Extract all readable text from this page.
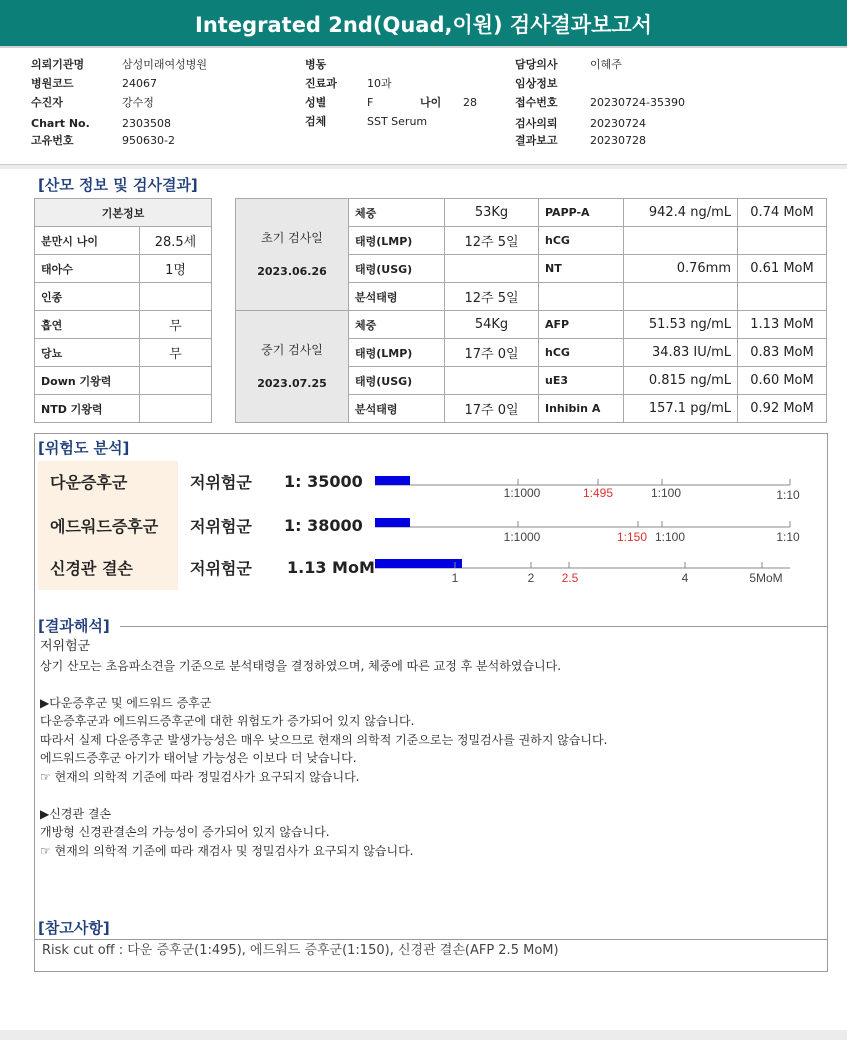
Integrated 2nd(Quad,이원) 검사결과보고서
의뢰기관명	삼성미래여성병원
병원코드	24067
수진자	강수정
Chart No.	2303508
고유번호	950630-2
병동
진료과	10과
성별	F	나이 28
검체	SST Serum
담당의사	이혜주
임상정보
접수번호	20230724-35390
검사의뢰	20230724
결과보고	20230728
[산모 정보 및 검사결과]
기본정보	
분만시 나이	28.5세
태아수	1명
인종	
흡연	무
당뇨	무
Down 기왕력	
NTD 기왕력	
초기 검사일
2023.06.26	체중	53Kg	PAPP-A	942.4 ng/mL	0.74 MoM
	태령(LMP)	12주 5일	hCG		
	태령(USG)		NT	0.76mm	0.61 MoM
	분석태령	12주 5일			

중기 검사일
2023.07.25	체중	54Kg	AFP	51.53 ng/mL	1.13 MoM
	태령(LMP)	17주 0일	hCG	34.83 IU/mL	0.83 MoM
	태령(USG)		uE3	0.815 ng/mL	0.60 MoM
	분석태령	17주 0일	Inhibin A	157.1 pg/mL	0.92 MoM
[위험도 분석]
다운증후군	저위험군 1: 35000
에드워드증후군 저위험군 1: 38000
신경관 결손	저위험군 1.13 MoM
1:1000	1:495	1:100	1:10
1:1000	1:150 1:100	1:10
1	2 2.5	4	5MoM
[결과해석]
저위험군
상기 산모는 초음파소견을 기준으로 분석태령을 결정하였으며, 체중에 따른 교정 후 분석하였습니다.
▶다운증후군 및 에드워드 증후군
다운증후군과 에드워드증후군에 대한 위험도가 증가되어 있지 않습니다.
따라서 실제 다운증후군 발생가능성은 매우 낮으므로 현재의 의학적 기준으로는 정밀검사를 권하지 않습니다.
에드워드증후군 아기가 태어날 가능성은 이보다 더 낮습니다.
☞ 현재의 의학적 기준에 따라 정밀검사가 요구되지 않습니다.
▶신경관 결손
개방형 신경관결손의 가능성이 증가되어 있지 않습니다.
☞ 현재의 의학적 기준에 따라 재검사 및 정밀검사가 요구되지 않습니다.
[참고사항]
Risk cut off : 다운 증후군(1:495), 에드워드 증후군(1:150), 신경관 결손(AFP 2.5 MoM)
